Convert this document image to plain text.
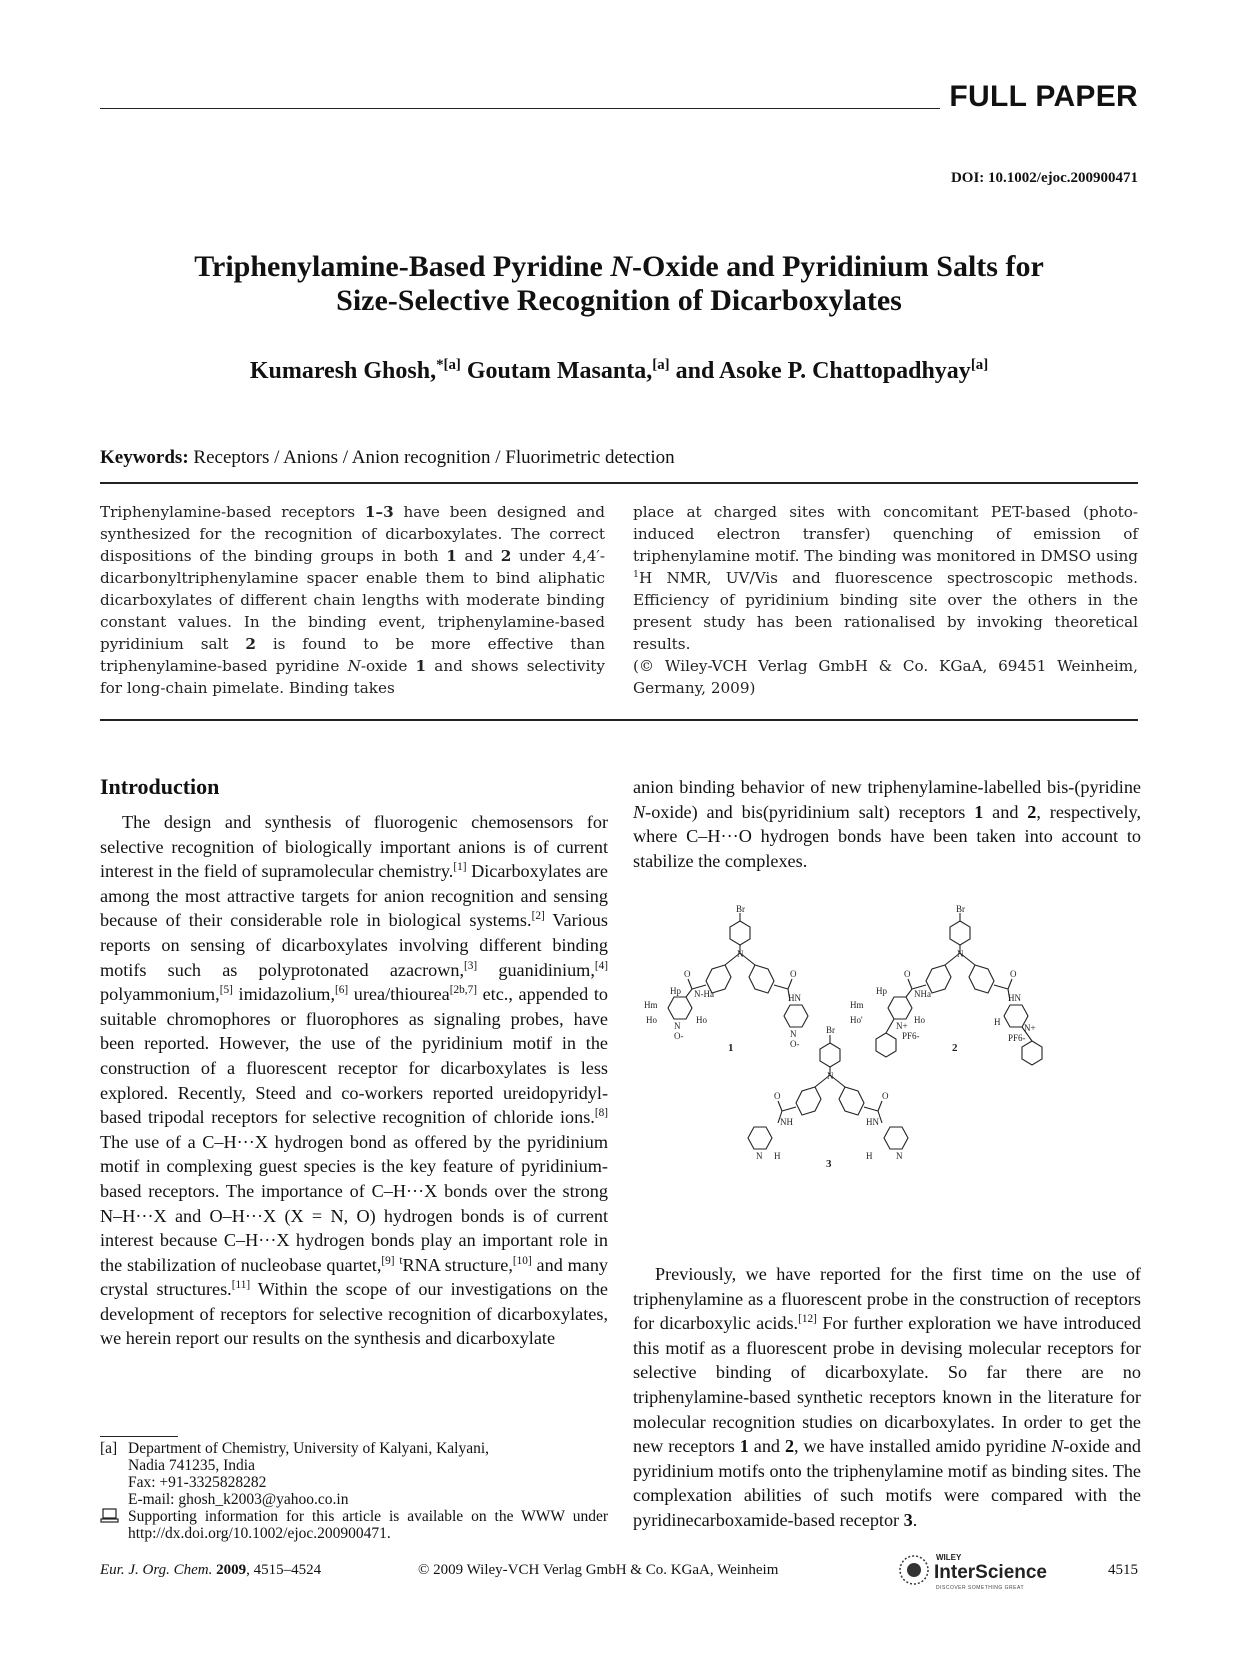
FULL PAPER
DOI: 10.1002/ejoc.200900471
Triphenylamine-Based Pyridine N-Oxide and Pyridinium Salts for
Size-Selective Recognition of Dicarboxylates
Kumaresh Ghosh,$^{*[a]}$ Goutam Masanta,[a] and Asoke P. Chattopadhyay[a]
Keywords: Receptors / Anions / Anion recognition / Fluorimetric detection

Triphenylamine-based receptors 1–3 have been designed and synthesized for the recognition of dicarboxylates. The correct dispositions of the binding groups in both 1 and 2 under 4,4′-dicarbonyltriphenylamine spacer enable them to bind aliphatic dicarboxylates of different chain lengths with moderate binding constant values. In the binding event, triphenylamine-based pyridinium salt 2 is found to be more effective than triphenylamine-based pyridine N-oxide 1 and shows selectivity for long-chain pimelate. Binding takes

place at charged sites with concomitant PET-based (photo-induced electron transfer) quenching of emission of triphenylamine motif. The binding was monitored in DMSO using $^1$H NMR, UV/Vis and fluorescence spectroscopic methods. Efficiency of pyridinium binding site over the others in the present study has been rationalised by invoking theoretical results.

(© Wiley-VCH Verlag GmbH & Co. KGaA, 69451 Weinheim, Germany, 2009)

Introduction

The design and synthesis of fluorogenic chemosensors for selective recognition of biologically important anions is of current interest in the field of supramolecular chemistry.[1] Dicarboxylates are among the most attractive targets for anion recognition and sensing because of their considerable role in biological systems.[2] Various reports on sensing of dicarboxylates involving different binding motifs such as polyprotonated azacrown,[3] guanidinium,[4] polyammonium,[5] imidazolium,[6] urea/thiourea[2b,7] etc., appended to suitable chromophores or fluorophores as signaling probes, have been reported. However, the use of the pyridinium motif in the construction of a fluorescent receptor for dicarboxylates is less explored. Recently, Steed and co-workers reported ureidopyridyl-based tripodal receptors for selective recognition of chloride ions.[8] The use of a C–H···X hydrogen bond as offered by the pyridinium motif in complexing guest species is the key feature of pyridinium-based receptors. The importance of C–H···X bonds over the strong N–H···X and O–H···X (X = N, O) hydrogen bonds is of current interest because C–H···X hydrogen bonds play an important role in the stabilization of nucleobase quartet,[9] $^t$RNA structure,[10] and many crystal structures.[11] Within the scope of our investigations on the development of receptors for selective recognition of dicarboxylates, we herein report our results on the synthesis and dicarboxylate

anion binding behavior of new triphenylamine-labelled bis-(pyridine N-oxide) and bis(pyridinium salt) receptors 1 and 2, respectively, where C–H···O hydrogen bonds have been taken into account to stabilize the complexes.

Br
N
O
N-Ha
Hm
Hp
Ho	Ho
N
O-
O
HN
N
O-
1
Br
N
O
NHa
Hm
Hp
Ho'	Ho
N+
PF6-
O
HN
H
N+
PF6-
2
Br
N
O
NH
N H
O
HN
H	N
3

Previously, we have reported for the first time on the use of triphenylamine as a fluorescent probe in the construction of receptors for dicarboxylic acids.[12] For further exploration we have introduced this motif as a fluorescent probe in devising molecular receptors for selective binding of dicarboxylate. So far there are no triphenylamine-based synthetic receptors known in the literature for molecular recognition studies on dicarboxylates. In order to get the new receptors 1 and 2, we have installed amido pyridine N-oxide and pyridinium motifs onto the triphenylamine motif as binding sites. The complexation abilities of such motifs were compared with the pyridinecarboxamide-based receptor 3.

[a] Department of Chemistry, University of Kalyani, Kalyani,
Nadia 741235, India
Fax: +91-3325828282
E-mail: ghosh_k2003@yahoo.co.in
Supporting information for this article is available on the WWW under http://dx.doi.org/10.1002/ejoc.200900471.
Eur. J. Org. Chem. 2009, 4515–4524	© 2009 Wiley-VCH Verlag GmbH & Co. KGaA, Weinheim
WILEY
InterScience
DISCOVER SOMETHING GREAT
4515
